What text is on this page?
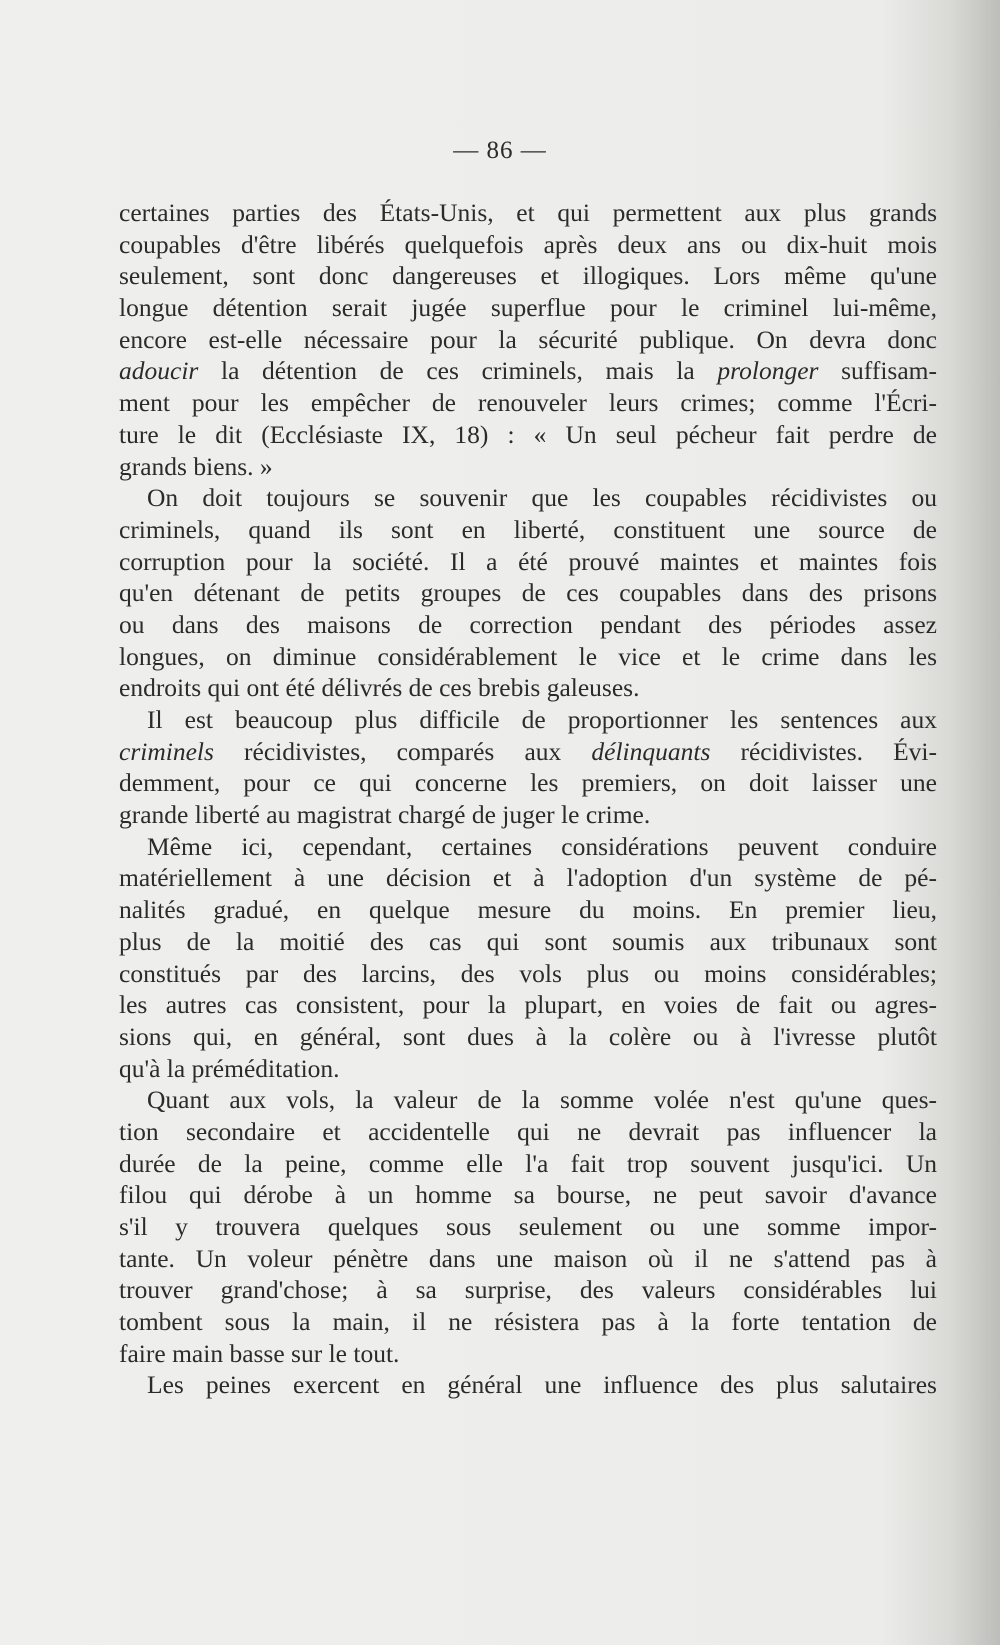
— 86 —
certaines parties des États-Unis, et qui permettent aux plus grands
coupables d'être libérés quelquefois après deux ans ou dix-huit mois
seulement, sont donc dangereuses et illogiques. Lors même qu'une
longue détention serait jugée superflue pour le criminel lui-même,
encore est-elle nécessaire pour la sécurité publique. On devra donc
adoucir la détention de ces criminels, mais la prolonger suffisam-
ment pour les empêcher de renouveler leurs crimes; comme l'Écri-
ture le dit (Ecclésiaste IX, 18) : « Un seul pécheur fait perdre de
grands biens. »
On doit toujours se souvenir que les coupables récidivistes ou
criminels, quand ils sont en liberté, constituent une source de
corruption pour la société. Il a été prouvé maintes et maintes fois
qu'en détenant de petits groupes de ces coupables dans des prisons
ou dans des maisons de correction pendant des périodes assez
longues, on diminue considérablement le vice et le crime dans les
endroits qui ont été délivrés de ces brebis galeuses.
Il est beaucoup plus difficile de proportionner les sentences aux
criminels récidivistes, comparés aux délinquants récidivistes. Évi-
demment, pour ce qui concerne les premiers, on doit laisser une
grande liberté au magistrat chargé de juger le crime.
Même ici, cependant, certaines considérations peuvent conduire
matériellement à une décision et à l'adoption d'un système de pé-
nalités gradué, en quelque mesure du moins. En premier lieu,
plus de la moitié des cas qui sont soumis aux tribunaux sont
constitués par des larcins, des vols plus ou moins considérables;
les autres cas consistent, pour la plupart, en voies de fait ou agres-
sions qui, en général, sont dues à la colère ou à l'ivresse plutôt
qu'à la préméditation.
Quant aux vols, la valeur de la somme volée n'est qu'une ques-
tion secondaire et accidentelle qui ne devrait pas influencer la
durée de la peine, comme elle l'a fait trop souvent jusqu'ici. Un
filou qui dérobe à un homme sa bourse, ne peut savoir d'avance
s'il y trouvera quelques sous seulement ou une somme impor-
tante. Un voleur pénètre dans une maison où il ne s'attend pas à
trouver grand'chose; à sa surprise, des valeurs considérables lui
tombent sous la main, il ne résistera pas à la forte tentation de
faire main basse sur le tout.
Les peines exercent en général une influence des plus salutaires
